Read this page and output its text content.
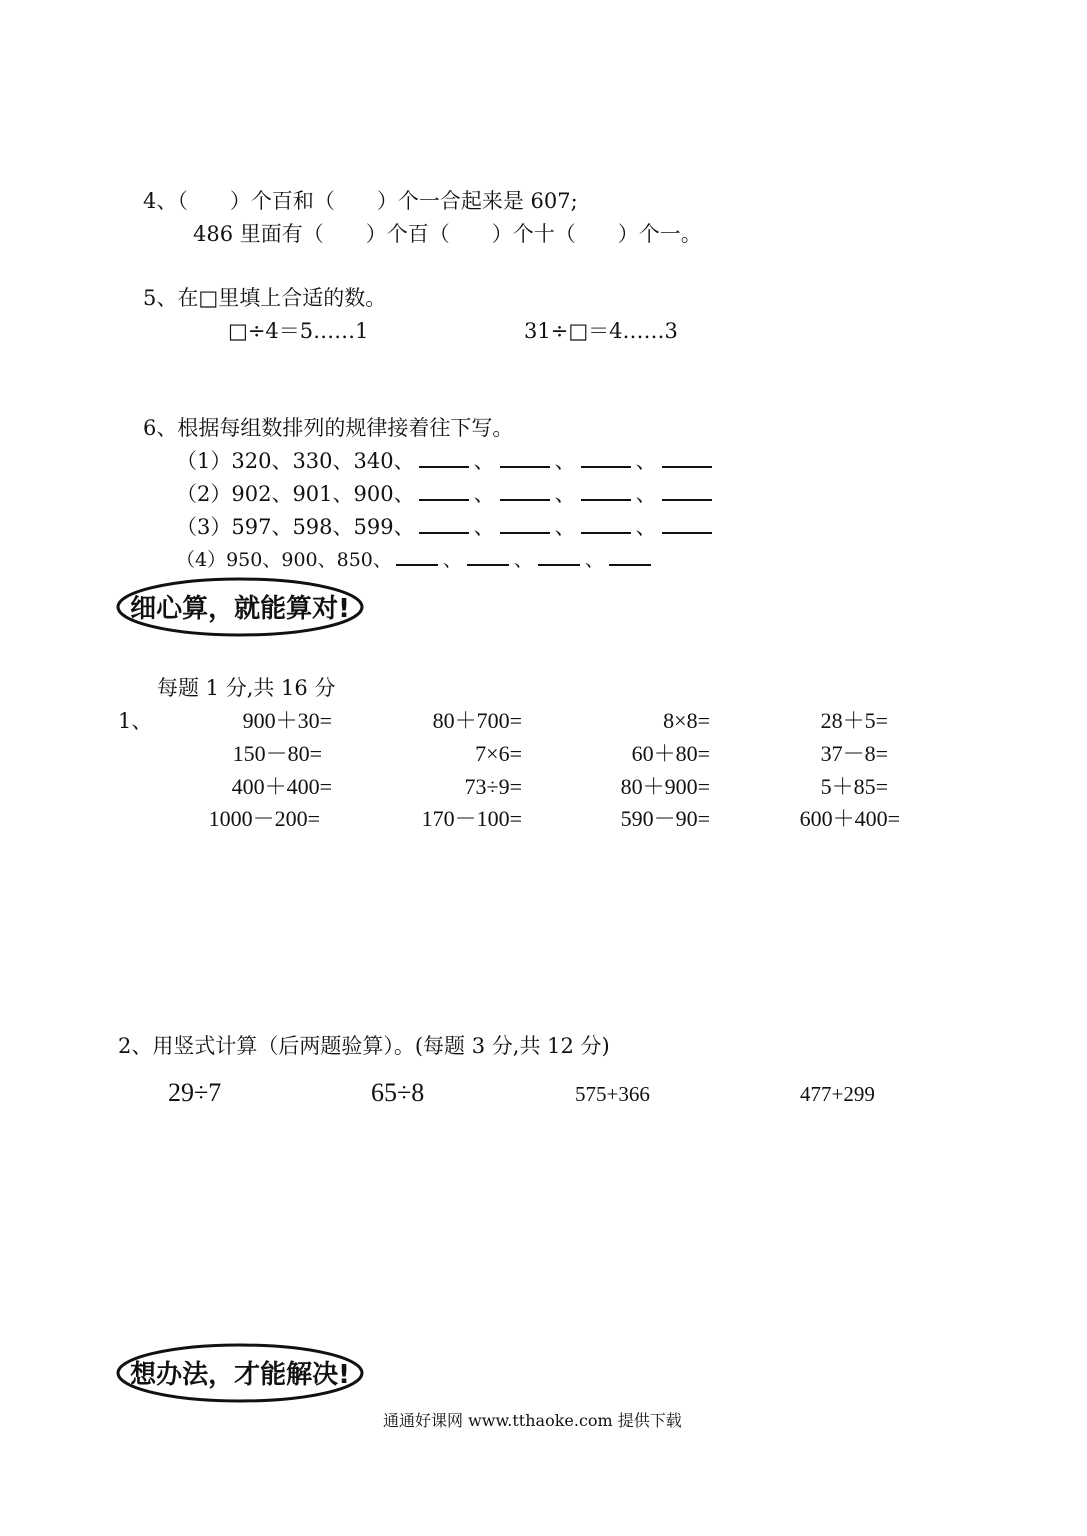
4、（　　）个百和（　　）个一合起来是 607;
486 里面有（　　）个百（　　）个十（　　）个一。
5、在□里填上合适的数。
□÷4＝5……1	31÷□＝4……3
6、根据每组数排列的规律接着往下写。
（1）320、330、340、	、	、	、
（2）902、901、900、	、	、	、
（3）597、598、599、	、	、	、
（4）950、900、850、	、	、	、
细心算，就能算对!
每题 1 分,共 16 分
1、	900＋30=	80＋700=	8×8=	28＋5=
150－80=	7×6=	60＋80=	37－8=
400＋400=	73÷9=	80＋900=	5＋85=
1000－200=	170－100=	590－90=	600＋400=
2、用竖式计算（后两题验算）。(每题 3 分,共 12 分)
29÷7	65÷8	575+366	477+299
想办法，才能解决!
通通好课网 www.tthaoke.com 提供下载
